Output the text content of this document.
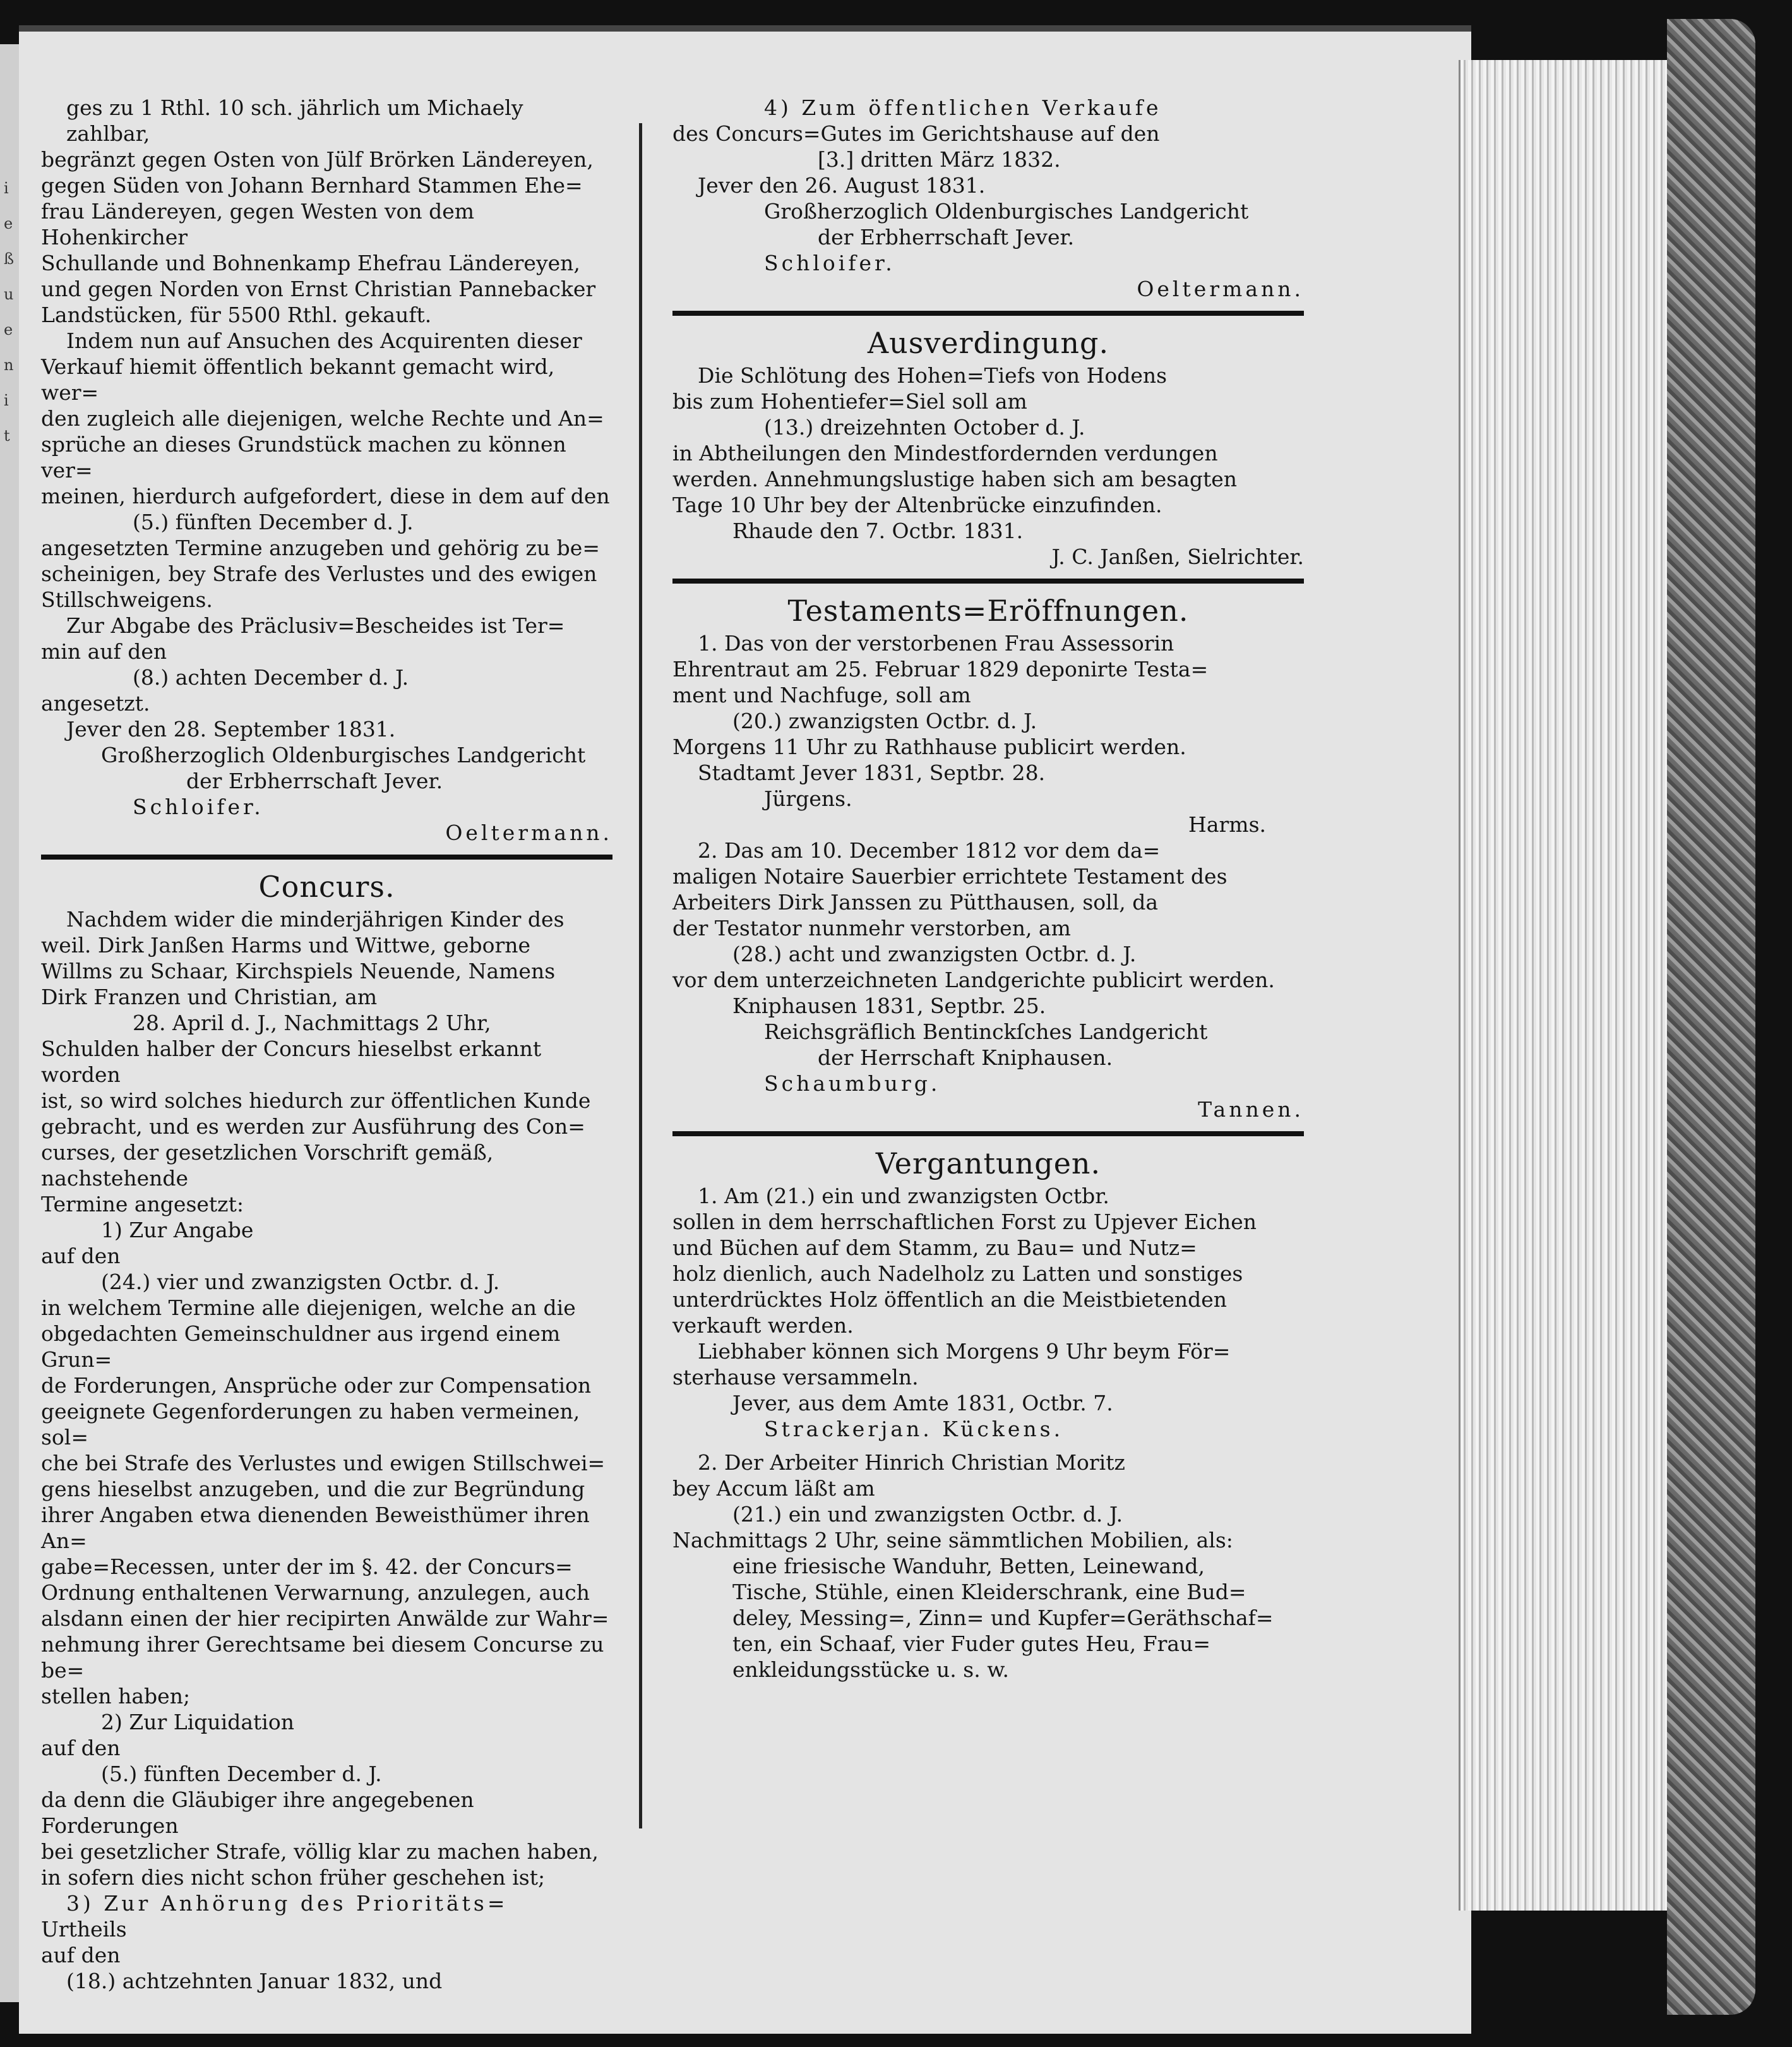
i
e
ß
u
e
n
i
t

ges zu 1 Rthl. 10 sch. jährlich um Michaely

zahlbar,

begränzt gegen Osten von Jülf Brörken Ländereyen,

gegen Süden von Johann Bernhard Stammen Ehe=

frau Ländereyen, gegen Westen von dem Hohenkircher

Schullande und Bohnenkamp Ehefrau Ländereyen,

und gegen Norden von Ernst Christian Pannebacker

Landstücken, für 5500 Rthl. gekauft.

Indem nun auf Ansuchen des Acquirenten dieser

Verkauf hiemit öffentlich bekannt gemacht wird, wer=

den zugleich alle diejenigen, welche Rechte und An=

sprüche an dieses Grundstück machen zu können ver=

meinen, hierdurch aufgefordert, diese in dem auf den

(5.) fünften December d. J.

angesetzten Termine anzugeben und gehörig zu be=

scheinigen, bey Strafe des Verlustes und des ewigen

Stillschweigens.

Zur Abgabe des Präclusiv=Bescheides ist Ter=

min auf den

(8.) achten December d. J.

angesetzt.

Jever den 28. September 1831.

Großherzoglich Oldenburgisches Landgericht

der Erbherrschaft Jever.

Schloifer.

Oeltermann.

Concurs.

Nachdem wider die minderjährigen Kinder des

weil. Dirk Janßen Harms und Wittwe, geborne

Willms zu Schaar, Kirchspiels Neuende, Namens

Dirk Franzen und Christian, am

28. April d. J., Nachmittags 2 Uhr,

Schulden halber der Concurs hieselbst erkannt worden

ist, so wird solches hiedurch zur öffentlichen Kunde

gebracht, und es werden zur Ausführung des Con=

curses, der gesetzlichen Vorschrift gemäß, nachstehende

Termine angesetzt:

1) Zur Angabe

auf den

(24.) vier und zwanzigsten Octbr. d. J.

in welchem Termine alle diejenigen, welche an die

obgedachten Gemeinschuldner aus irgend einem Grun=

de Forderungen, Ansprüche oder zur Compensation

geeignete Gegenforderungen zu haben vermeinen, sol=

che bei Strafe des Verlustes und ewigen Stillschwei=

gens hieselbst anzugeben, und die zur Begründung

ihrer Angaben etwa dienenden Beweisthümer ihren An=

gabe=Recessen, unter der im §. 42. der Concurs=

Ordnung enthaltenen Verwarnung, anzulegen, auch

alsdann einen der hier recipirten Anwälde zur Wahr=

nehmung ihrer Gerechtsame bei diesem Concurse zu be=

stellen haben;

2) Zur Liquidation

auf den

(5.) fünften December d. J.

da denn die Gläubiger ihre angegebenen Forderungen

bei gesetzlicher Strafe, völlig klar zu machen haben,

in sofern dies nicht schon früher geschehen ist;

3) Zur Anhörung des Prioritäts=

Urtheils

auf den

(18.) achtzehnten Januar 1832, und

4) Zum öffentlichen Verkaufe

des Concurs=Gutes im Gerichtshause auf den

[3.] dritten März 1832.

Jever den 26. August 1831.

Großherzoglich Oldenburgisches Landgericht

der Erbherrschaft Jever.

Schloifer.

Oeltermann.

Ausverdingung.

Die Schlötung des Hohen=Tiefs von Hodens

bis zum Hohentiefer=Siel soll am

(13.) dreizehnten October d. J.

in Abtheilungen den Mindestfordernden verdungen

werden. Annehmungslustige haben sich am besagten

Tage 10 Uhr bey der Altenbrücke einzufinden.

Rhaude den 7. Octbr. 1831.

J. C. Janßen, Sielrichter.

Testaments=Eröffnungen.

1. Das von der verstorbenen Frau Assessorin

Ehrentraut am 25. Februar 1829 deponirte Testa=

ment und Nachfuge, soll am

(20.) zwanzigsten Octbr. d. J.

Morgens 11 Uhr zu Rathhause publicirt werden.

Stadtamt Jever 1831, Septbr. 28.

Jürgens.

Harms.

2. Das am 10. December 1812 vor dem da=

maligen Notaire Sauerbier errichtete Testament des

Arbeiters Dirk Janssen zu Pütthausen, soll, da

der Testator nunmehr verstorben, am

(28.) acht und zwanzigsten Octbr. d. J.

vor dem unterzeichneten Landgerichte publicirt werden.

Kniphausen 1831, Septbr. 25.

Reichsgräflich Bentinckſches Landgericht

der Herrschaft Kniphausen.

Schaumburg.

Tannen.

Vergantungen.

1. Am (21.) ein und zwanzigsten Octbr.

sollen in dem herrschaftlichen Forst zu Upjever Eichen

und Büchen auf dem Stamm, zu Bau= und Nutz=

holz dienlich, auch Nadelholz zu Latten und sonstiges

unterdrücktes Holz öffentlich an die Meistbietenden

verkauft werden.

Liebhaber können sich Morgens 9 Uhr beym För=

sterhause versammeln.

Jever, aus dem Amte 1831, Octbr. 7.

Strackerjan. Kückens.

2. Der Arbeiter Hinrich Christian Moritz

bey Accum läßt am

(21.) ein und zwanzigsten Octbr. d. J.

Nachmittags 2 Uhr, seine sämmtlichen Mobilien, als:

eine friesische Wanduhr, Betten, Leinewand,

Tische, Stühle, einen Kleiderschrank, eine Bud=

deley, Messing=, Zinn= und Kupfer=Geräthschaf=

ten, ein Schaaf, vier Fuder gutes Heu, Frau=

enkleidungsstücke u. s. w.
